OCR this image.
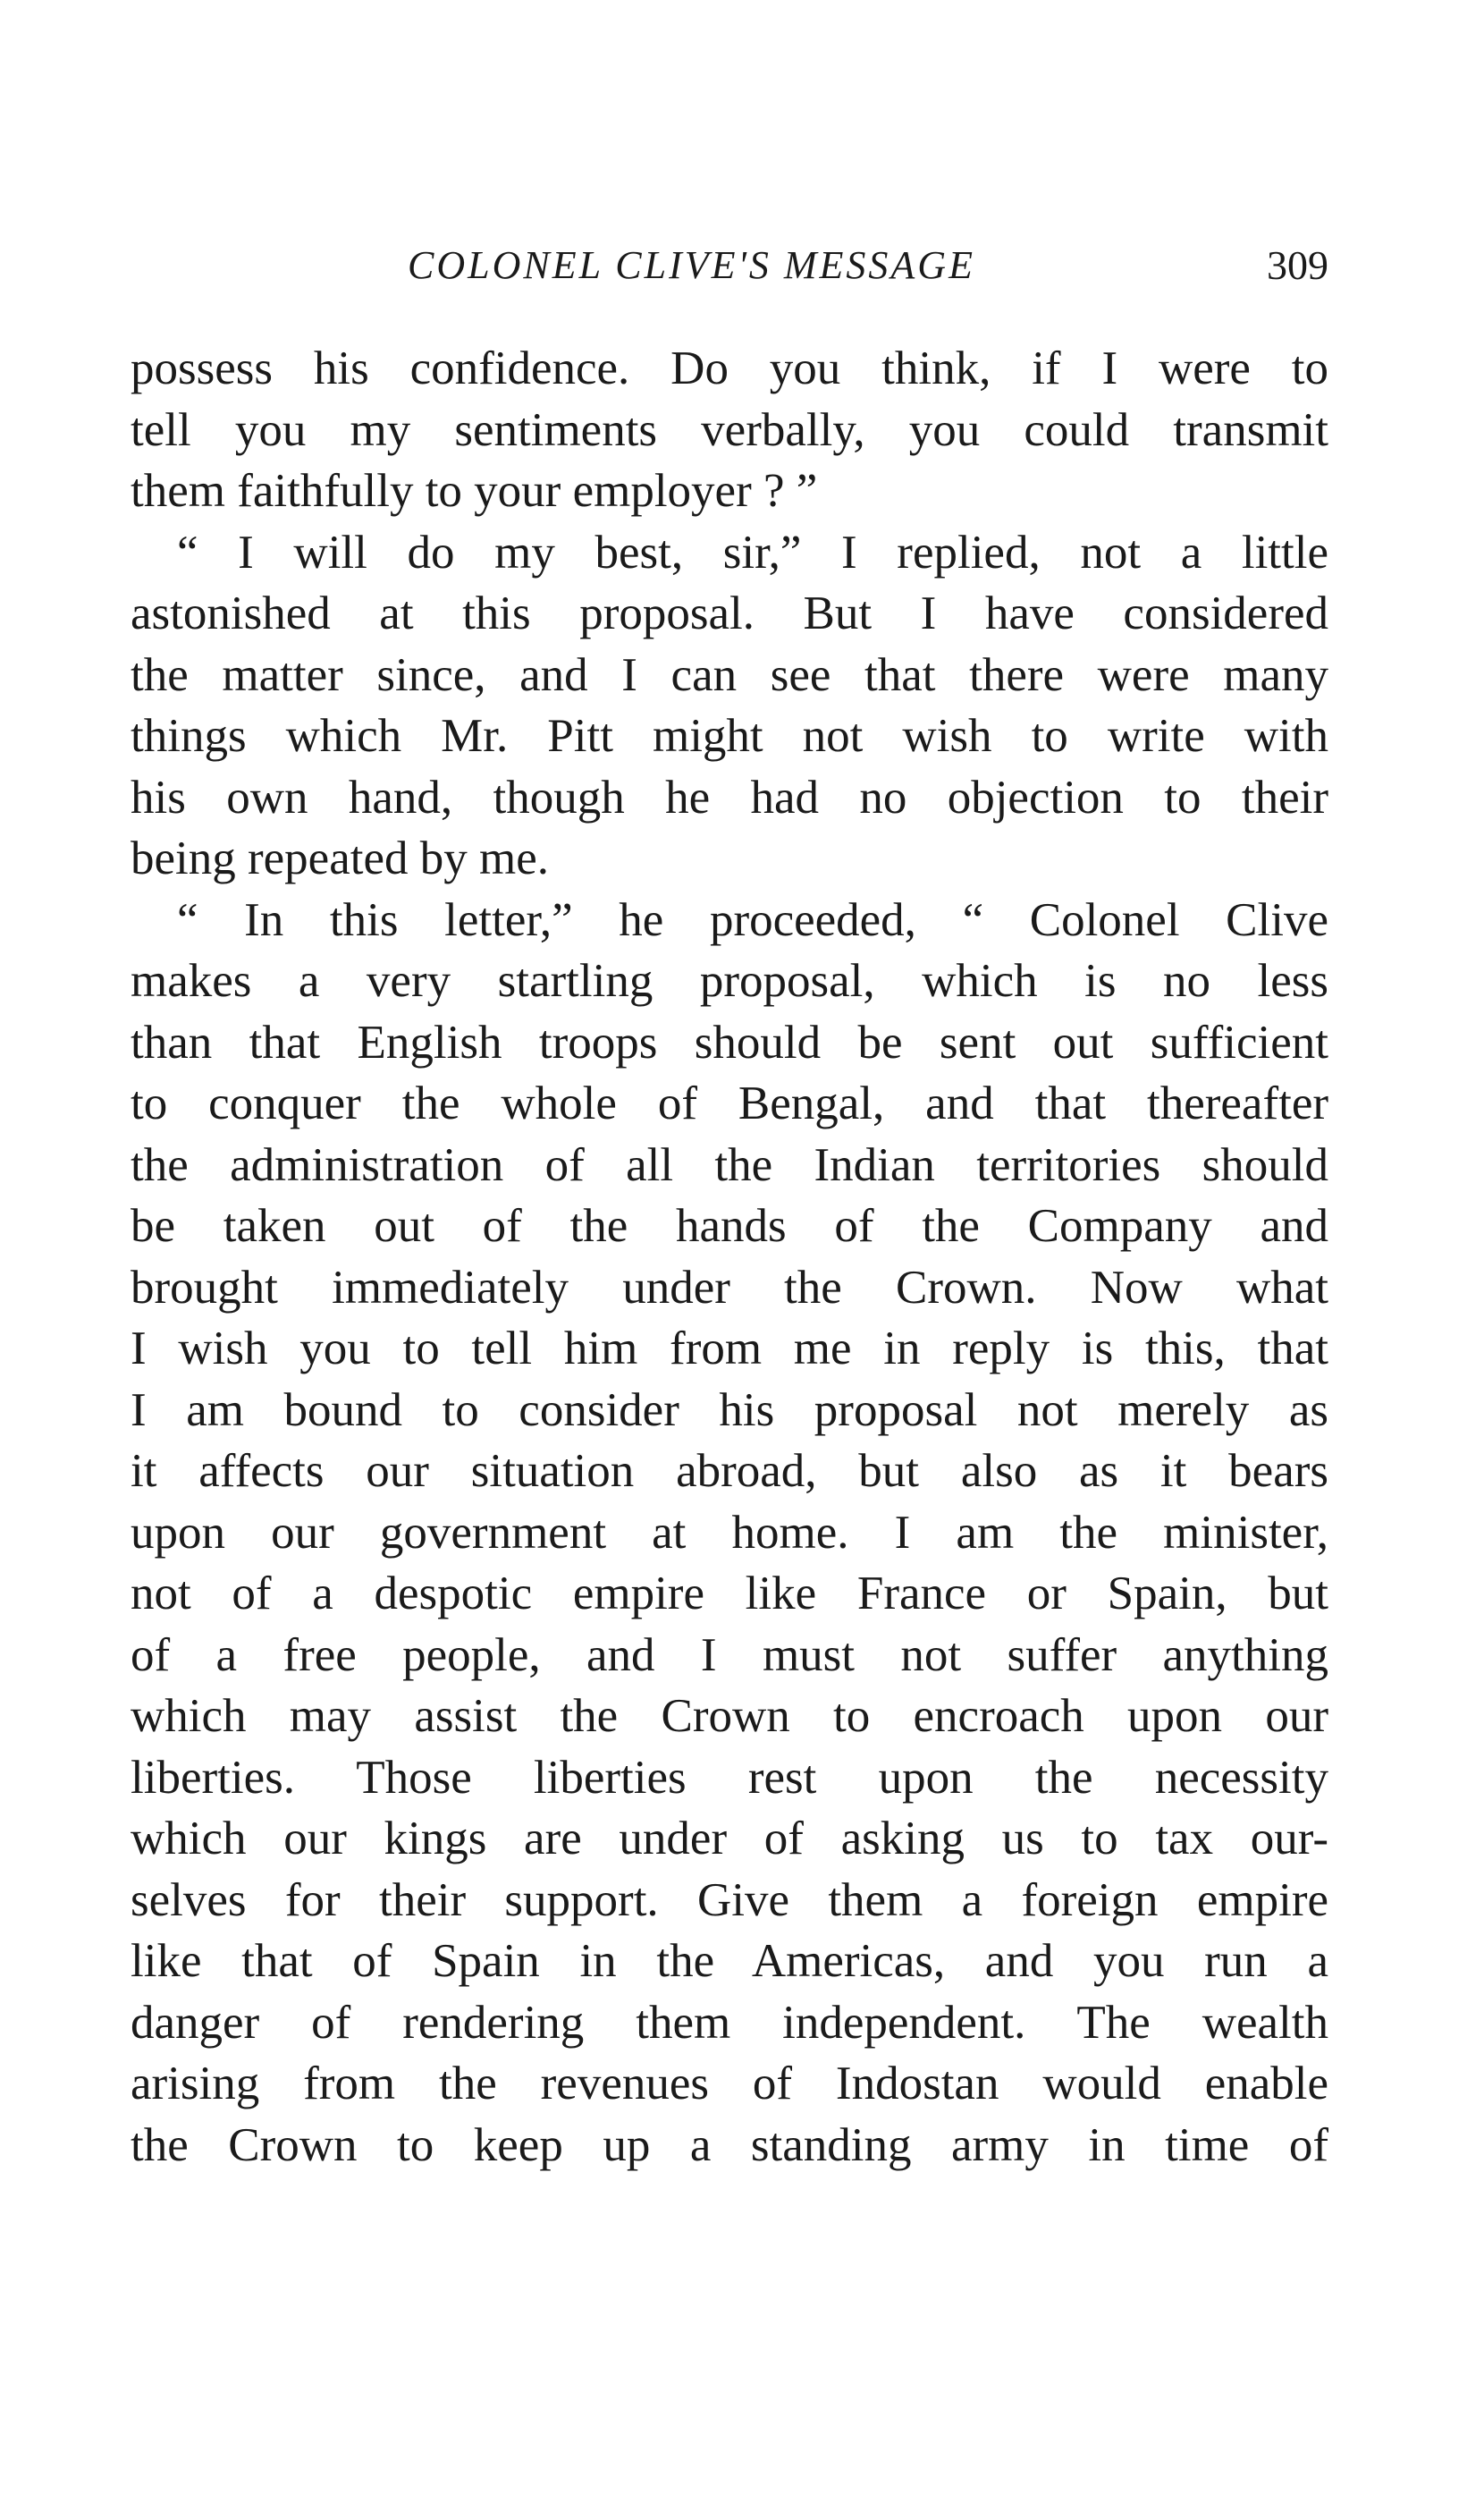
COLONEL CLIVE'S MESSAGE	309
possess his confidence. Do you think, if I were to
tell you my sentiments verbally, you could transmit
them faithfully to your employer ? ”
“ I will do my best, sir,” I replied, not a little
astonished at this proposal. But I have considered
the matter since, and I can see that there were many
things which Mr. Pitt might not wish to write with
his own hand, though he had no objection to their
being repeated by me.
“ In this letter,” he proceeded, “ Colonel Clive
makes a very startling proposal, which is no less
than that English troops should be sent out sufficient
to conquer the whole of Bengal, and that thereafter
the administration of all the Indian territories should
be taken out of the hands of the Company and
brought immediately under the Crown. Now what
I wish you to tell him from me in reply is this, that
I am bound to consider his proposal not merely as
it affects our situation abroad, but also as it bears
upon our government at home. I am the minister,
not of a despotic empire like France or Spain, but
of a free people, and I must not suffer anything
which may assist the Crown to encroach upon our
liberties. Those liberties rest upon the necessity
which our kings are under of asking us to tax our-
selves for their support. Give them a foreign empire
like that of Spain in the Americas, and you run a
danger of rendering them independent. The wealth
arising from the revenues of Indostan would enable
the Crown to keep up a standing army in time of
